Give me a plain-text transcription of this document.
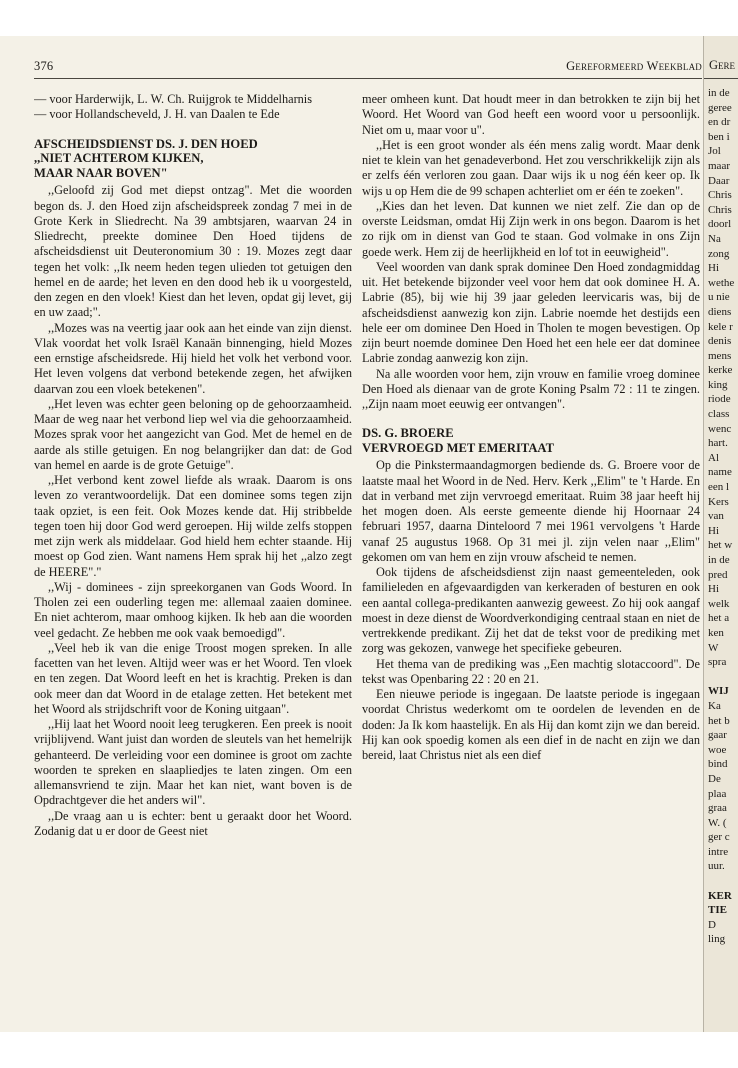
376	Gereformeerd Weekblad

— voor Harderwijk, L. W. Ch. Ruijgrok te Middelharnis

— voor Hollandscheveld, J. H. van Daalen te Ede

AFSCHEIDSDIENST DS. J. DEN HOED
,,NIET ACHTEROM KIJKEN,
MAAR NAAR BOVEN"

,,Geloofd zij God met diepst ontzag". Met die woorden begon ds. J. den Hoed zijn afscheidspreek zondag 7 mei in de Grote Kerk in Sliedrecht. Na 39 ambtsjaren, waarvan 24 in Sliedrecht, preekte dominee Den Hoed tijdens de afscheidsdienst uit Deuteronomium 30 : 19. Mozes zegt daar tegen het volk: ,,Ik neem heden tegen ulieden tot getuigen den hemel en de aarde; het leven en den dood heb ik u voorgesteld, den zegen en den vloek! Kiest dan het leven, opdat gij levet, gij en uw zaad;".

,,Mozes was na veertig jaar ook aan het einde van zijn dienst. Vlak voordat het volk Israël Kanaän binnenging, hield Mozes een ernstige afscheidsrede. Hij hield het volk het verbond voor. Het leven volgens dat verbond betekende zegen, het afwijken daarvan zou een vloek betekenen".

,,Het leven was echter geen beloning op de gehoorzaamheid. Maar de weg naar het verbond liep wel via die gehoorzaamheid. Mozes sprak voor het aangezicht van God. Met de hemel en de aarde als stille getuigen. En nog belangrijker dan dat: de God van hemel en aarde is de grote Getuige".

,,Het verbond kent zowel liefde als wraak. Daarom is ons leven zo verantwoordelijk. Dat een dominee soms tegen zijn taak opziet, is een feit. Ook Mozes kende dat. Hij stribbelde tegen toen hij door God werd geroepen. Hij wilde zelfs stoppen met zijn werk als middelaar. God hield hem echter staande. Hij moest op God zien. Want namens Hem sprak hij het ,,alzo zegt de HEERE"."

,,Wij - dominees - zijn spreekorganen van Gods Woord. In Tholen zei een ouderling tegen me: allemaal zaaien dominee. En niet achterom, maar omhoog kijken. Ik heb aan die woorden veel gedacht. Ze hebben me ook vaak bemoedigd".

,,Veel heb ik van die enige Troost mogen spreken. In alle facetten van het leven. Altijd weer was er het Woord. Ten vloek en ten zegen. Dat Woord leeft en het is krachtig. Preken is dan ook meer dan dat Woord in de etalage zetten. Het betekent met het Woord als strijdschrift voor de Koning uitgaan".

,,Hij laat het Woord nooit leeg terugkeren. Een preek is nooit vrijblijvend. Want juist dan worden de sleutels van het hemelrijk gehanteerd. De verleiding voor een dominee is groot om zachte woorden te spreken en slaapliedjes te laten zingen. Om een allemansvriend te zijn. Maar het kan niet, want boven is de Opdrachtgever die het anders wil".

,,De vraag aan u is echter: bent u geraakt door het Woord. Zodanig dat u er door de Geest niet

meer omheen kunt. Dat houdt meer in dan betrokken te zijn bij het Woord. Het Woord van God heeft een woord voor u persoonlijk. Niet om u, maar voor u".

,,Het is een groot wonder als één mens zalig wordt. Maar denk niet te klein van het genadeverbond. Het zou verschrikkelijk zijn als er zelfs één verloren zou gaan. Daar wijs ik u nog één keer op. Ik wijs u op Hem die de 99 schapen achterliet om er één te zoeken".

,,Kies dan het leven. Dat kunnen we niet zelf. Zie dan op de overste Leidsman, omdat Hij Zijn werk in ons begon. Daarom is het zo rijk om in dienst van God te staan. God volmake in ons Zijn goede werk. Hem zij de heerlijkheid en lof tot in eeuwigheid".

Veel woorden van dank sprak dominee Den Hoed zondagmiddag uit. Het betekende bijzonder veel voor hem dat ook dominee H. A. Labrie (85), bij wie hij 39 jaar geleden leervicaris was, bij de afscheidsdienst aanwezig kon zijn. Labrie noemde het destijds een hele eer om dominee Den Hoed in Tholen te mogen bevestigen. Op zijn beurt noemde dominee Den Hoed het een hele eer dat dominee Labrie zondag aanwezig kon zijn.

Na alle woorden voor hem, zijn vrouw en familie vroeg dominee Den Hoed als dienaar van de grote Koning Psalm 72 : 11 te zingen. ,,Zijn naam moet eeuwig eer ontvangen".

DS. G. BROERE
VERVROEGD MET EMERITAAT

Op die Pinkstermaandagmorgen bediende ds. G. Broere voor de laatste maal het Woord in de Ned. Herv. Kerk ,,Elim" te 't Harde. En dat in verband met zijn vervroegd emeritaat. Ruim 38 jaar heeft hij het mogen doen. Als eerste gemeente diende hij Hoornaar 24 februari 1957, daarna Dinteloord 7 mei 1961 vervolgens 't Harde vanaf 25 augustus 1968. Op 31 mei jl. zijn velen naar ,,Elim" gekomen om van hem en zijn vrouw afscheid te nemen.

Ook tijdens de afscheidsdienst zijn naast gemeenteleden, ook familieleden en afgevaardigden van kerkeraden of besturen en ook een aantal collega-predikanten aanwezig geweest. Zo hij ook aangaf moest in deze dienst de Woordverkondiging centraal staan en niet de vertrekkende predikant. Zij het dat de tekst voor de prediking met zorg was gekozen, vanwege het specifieke gebeuren.

Het thema van de prediking was ,,Een machtig slotaccoord". De tekst was Openbaring 22 : 20 en 21.

Een nieuwe periode is ingegaan. De laatste periode is ingegaan voordat Christus wederkomt om te oordelen de levenden en de doden: Ja Ik kom haastelijk. En als Hij dan komt zijn we dan bereid. Hij kan ook spoedig komen als een dief in de nacht en zijn we dan bereid, laat Christus niet als een dief

Gere
in de
geree
en dr
ben i
Jol
maar
Daar
Chris
Chris
doorl
Na
zong
Hi
wethe
u nie
diens
kele r
denis
mens
kerke
king
riode
class
wenc
hart.
Al
name
een l
Kers
van
Hi
het w
in de
pred
Hi
welk
het a
ken
W
spra
WIJ
Ka
het b
gaar
woe
bind
De
plaa
graa
W. (
ger c
intre
uur.
KER
TIE
D
ling
